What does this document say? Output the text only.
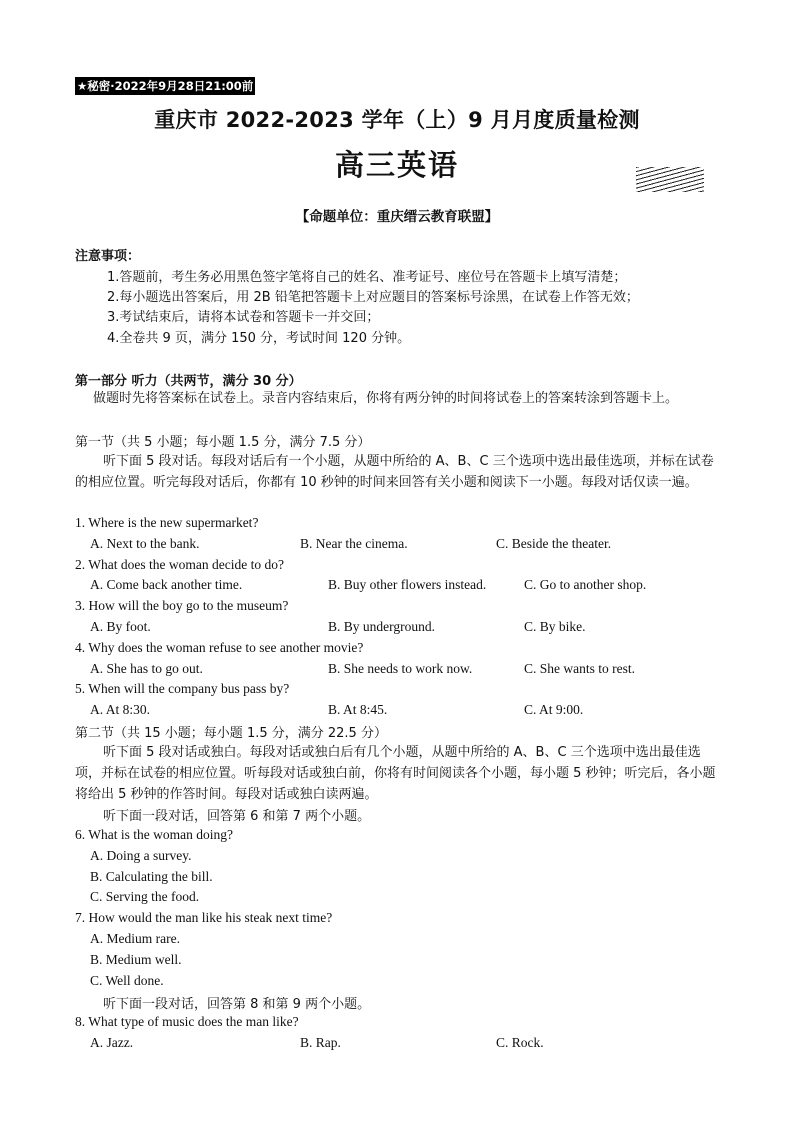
★秘密·2022年9月28日21:00前
重庆市 2022-2023 学年（上）9 月月度质量检测
高三英语
【命题单位：重庆缙云教育联盟】
注意事项：
1.答题前，考生务必用黑色签字笔将自己的姓名、准考证号、座位号在答题卡上填写清楚；
2.每小题选出答案后，用 2B 铅笔把答题卡上对应题目的答案标号涂黑，在试卷上作答无效；
3.考试结束后，请将本试卷和答题卡一并交回；
4.全卷共 9 页，满分 150 分，考试时间 120 分钟。
第一部分 听力（共两节，满分 30 分）
做题时先将答案标在试卷上。录音内容结束后，你将有两分钟的时间将试卷上的答案转涂到答题卡上。
第一节（共 5 小题；每小题 1.5 分，满分 7.5 分）
听下面 5 段对话。每段对话后有一个小题，从题中所给的 A、B、C 三个选项中选出最佳选项，并标在试卷的相应位置。听完每段对话后，你都有 10 秒钟的时间来回答有关小题和阅读下一小题。每段对话仅读一遍。
1. Where is the new supermarket?
A. Next to the bank.	B. Near the cinema.	C. Beside the theater.
2. What does the woman decide to do?
A. Come back another time.	B. Buy other flowers instead.	C. Go to another shop.
3. How will the boy go to the museum?
A. By foot.	B. By underground.	C. By bike.
4. Why does the woman refuse to see another movie?
A. She has to go out.	B. She needs to work now.	C. She wants to rest.
5. When will the company bus pass by?
A. At 8:30.	B. At 8:45.	C. At 9:00.
第二节（共 15 小题；每小题 1.5 分，满分 22.5 分）
听下面 5 段对话或独白。每段对话或独白后有几个小题，从题中所给的 A、B、C 三个选项中选出最佳选项，并标在试卷的相应位置。听每段对话或独白前，你将有时间阅读各个小题，每小题 5 秒钟；听完后，各小题将给出 5 秒钟的作答时间。每段对话或独白读两遍。
听下面一段对话，回答第 6 和第 7 两个小题。
6. What is the woman doing?
A. Doing a survey.
B. Calculating the bill.
C. Serving the food.
7. How would the man like his steak next time?
A. Medium rare.
B. Medium well.
C. Well done.
听下面一段对话，回答第 8 和第 9 两个小题。
8. What type of music does the man like?
A. Jazz.	B. Rap.	C. Rock.
